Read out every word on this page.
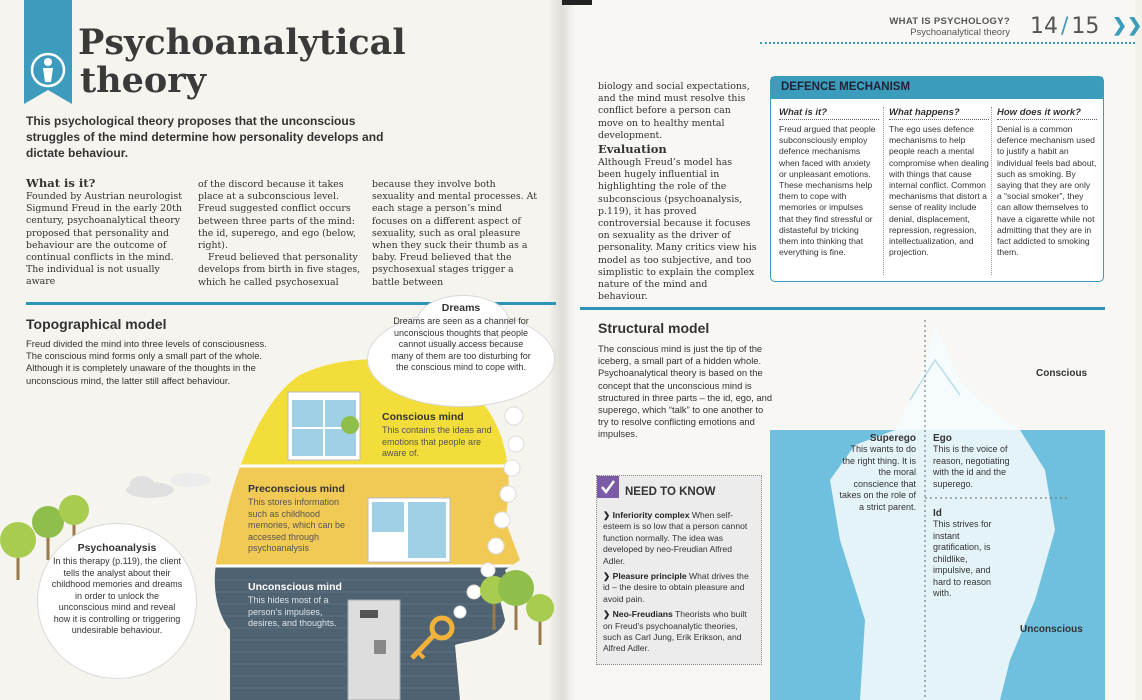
Psychoanalytical
theory
This psychological theory proposes that the unconscious struggles of the mind determine how personality develops and dictate behaviour.
What is it?
Founded by Austrian neurologist Sigmund Freud in the early 20th century, psychoanalytical theory proposed that personality and behaviour are the outcome of continual conflicts in the mind. The individual is not usually aware
of the discord because it takes place at a subconscious level. Freud suggested conflict occurs between three parts of the mind: the id, superego, and ego (below, right).
Freud believed that personality develops from birth in five stages, which he called psychosexual
because they involve both sexuality and mental processes. At each stage a person’s mind focuses on a different aspect of sexuality, such as oral pleasure when they suck their thumb as a baby. Freud believed that the psychosexual stages trigger a battle between
Topographical model
Freud divided the mind into three levels of consciousness. The conscious mind forms only a small part of the whole. Although it is completely unaware of the thoughts in the unconscious mind, the latter still affect behaviour.
Dreams
Dreams are seen as a channel for unconscious thoughts that people cannot usually access because many of them are too disturbing for the conscious mind to cope with.
Conscious mind
This contains the ideas and emotions that people are aware of.
Preconscious mind
This stores information such as childhood memories, which can be accessed through psychoanalysis
Unconscious mind
This hides most of a person’s impulses, desires, and thoughts.
Psychoanalysis
In this therapy (p.119), the client tells the analyst about their childhood memories and dreams in order to unlock the unconscious mind and reveal how it is controlling or triggering undesirable behaviour.
WHAT IS PSYCHOLOGY?
Psychoanalytical theory 14 / 15 ❯❯
biology and social expectations, and the mind must resolve this conflict before a person can move on to healthy mental development.
Evaluation
Although Freud’s model has been hugely influential in highlighting the role of the subconscious (psychoanalysis, p.119), it has proved controversial because it focuses on sexuality as the driver of personality. Many critics view his model as too subjective, and too simplistic to explain the complex nature of the mind and behaviour.
DEFENCE MECHANISM
What is it?
Freud argued that people subconsciously employ defence mechanisms when faced with anxiety or unpleasant emotions. These mechanisms help them to cope with memories or impulses that they find stressful or distasteful by tricking them into thinking that everything is fine.
What happens?
The ego uses defence mechanisms to help people reach a mental compromise when dealing with things that cause internal conflict. Common mechanisms that distort a sense of reality include denial, displacement, repression, regression, intellectualization, and projection.
How does it work?
Denial is a common defence mechanism used to justify a habit an individual feels bad about, such as smoking. By saying that they are only a “social smoker”, they can allow themselves to have a cigarette while not admitting that they are in fact addicted to smoking them.
Structural model
The conscious mind is just the tip of the iceberg, a small part of a hidden whole. Psychoanalytical theory is based on the concept that the unconscious mind is structured in three parts – the id, ego, and superego, which “talk” to one another to try to resolve conflicting emotions and impulses.
Conscious
Unconscious
Superego
This wants to do the right thing. It is the moral conscience that takes on the role of a strict parent.
Ego
This is the voice of reason, negotiating with the id and the superego.
Id
This strives for instant gratification, is childlike, impulsive, and hard to reason with.
NEED TO KNOW
❯ Inferiority complex When self-esteem is so low that a person cannot function normally. The idea was developed by neo-Freudian Alfred Adler.
❯ Pleasure principle What drives the id – the desire to obtain pleasure and avoid pain.
❯ Neo-Freudians Theorists who built on Freud’s psychoanalytic theories, such as Carl Jung, Erik Erikson, and Alfred Adler.
